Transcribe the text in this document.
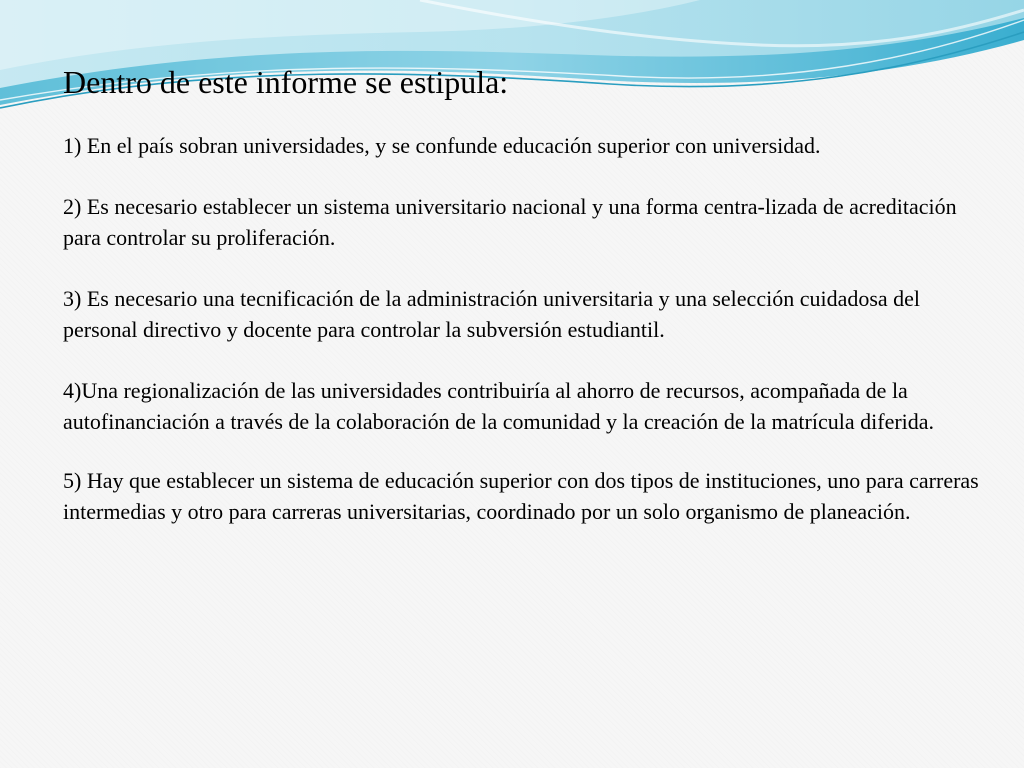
Dentro de este informe se estipula:

1) En el país sobran universidades, y se confunde educación superior con universidad.

2) Es necesario establecer un sistema universitario nacional y una forma centra-lizada de acreditación para controlar su proliferación.

3) Es necesario una tecnificación de la administración universitaria y una selección cuidadosa del personal directivo y docente para controlar la subversión estudiantil.

4)Una regionalización de las universidades contribuiría al ahorro de recursos, acompañada de la autofinanciación a través de la colaboración de la comunidad y la creación de la matrícula diferida.

5) Hay que establecer un sistema de educación superior con dos tipos de instituciones, uno para carreras intermedias y otro para carreras universitarias, coordinado por un solo organismo de planeación.
